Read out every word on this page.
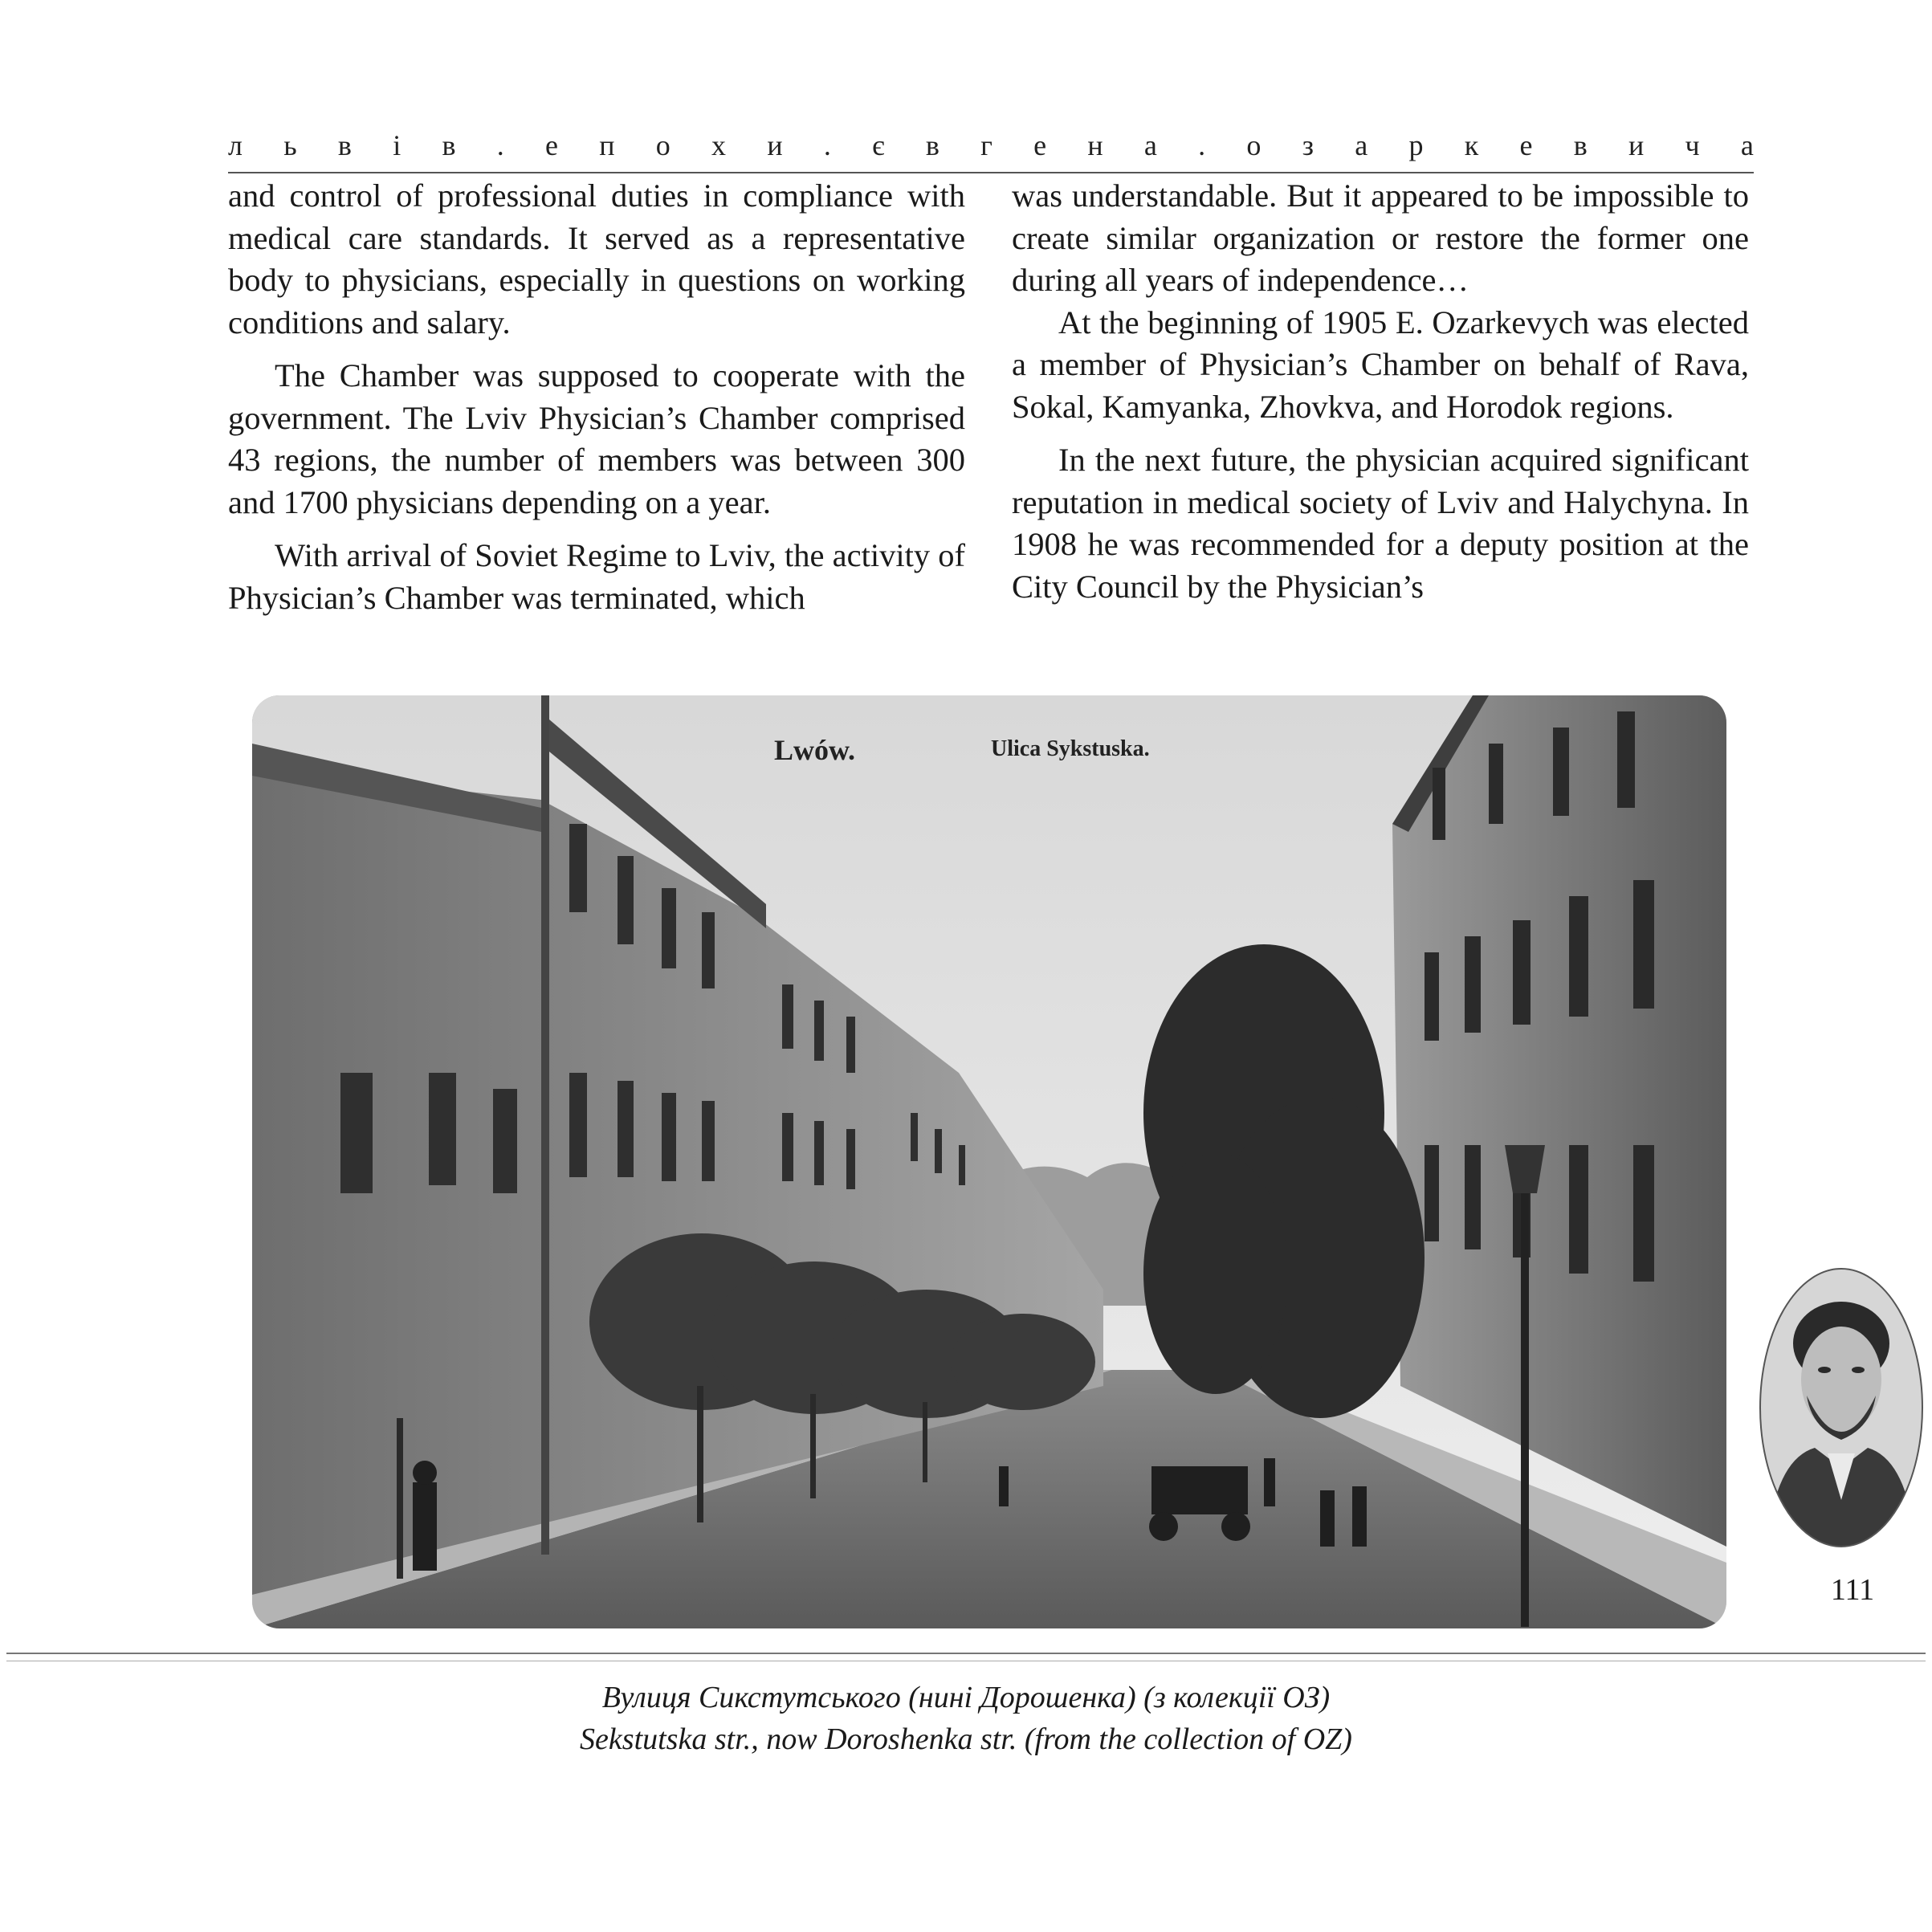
л ь в і в . е п о х и . є в г е н а . о з а р к е в и ч а

and control of professional duties in compliance with medical care standards. It served as a representative body to physicians, especially in questions on working conditions and salary.

The Chamber was supposed to cooperate with the government. The Lviv Physician’s Chamber comprised 43 regions, the number of members was between 300 and 1700 physicians depending on a year.

With arrival of Soviet Regime to Lviv, the activity of Physician’s Chamber was terminated, which

was understandable. But it appeared to be impossible to create similar organization or restore the former one during all years of independence…

At the beginning of 1905 E. Ozarkevych was elected a member of Physician’s Chamber on behalf of Rava, Sokal, Kamyanka, Zhovkva, and Horodok regions.

In the next future, the physician acquired significant reputation in medical society of Lviv and Halychyna. In 1908 he was recommended for a deputy position at the City Council by the Physician’s

Lwów.	Ulica Sykstuska.
111
Вулиця Сикстутського (нині Дорошенка) (з колекції ОЗ)
Sekstutska str., now Doroshenka str. (from the collection of OZ)
